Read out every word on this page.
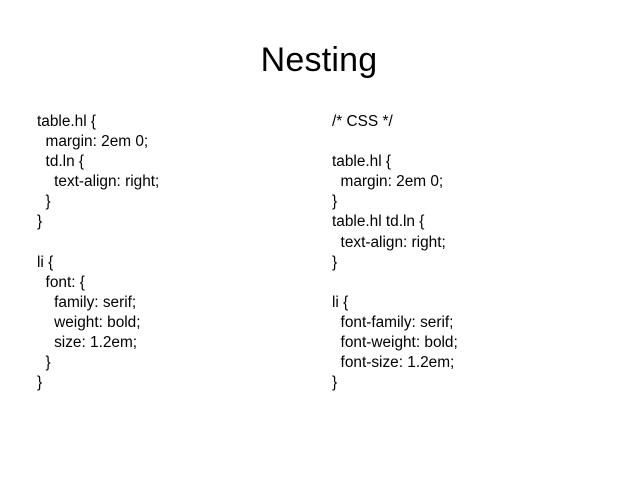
Nesting
table.hl {
margin: 2em 0;
td.ln {
text-align: right;
}
}
li {
font: {
family: serif;
weight: bold;
size: 1.2em;
}
}
/* CSS */
table.hl {
margin: 2em 0;
}
table.hl td.ln {
text-align: right;
}
li {
font-family: serif;
font-weight: bold;
font-size: 1.2em;
}
